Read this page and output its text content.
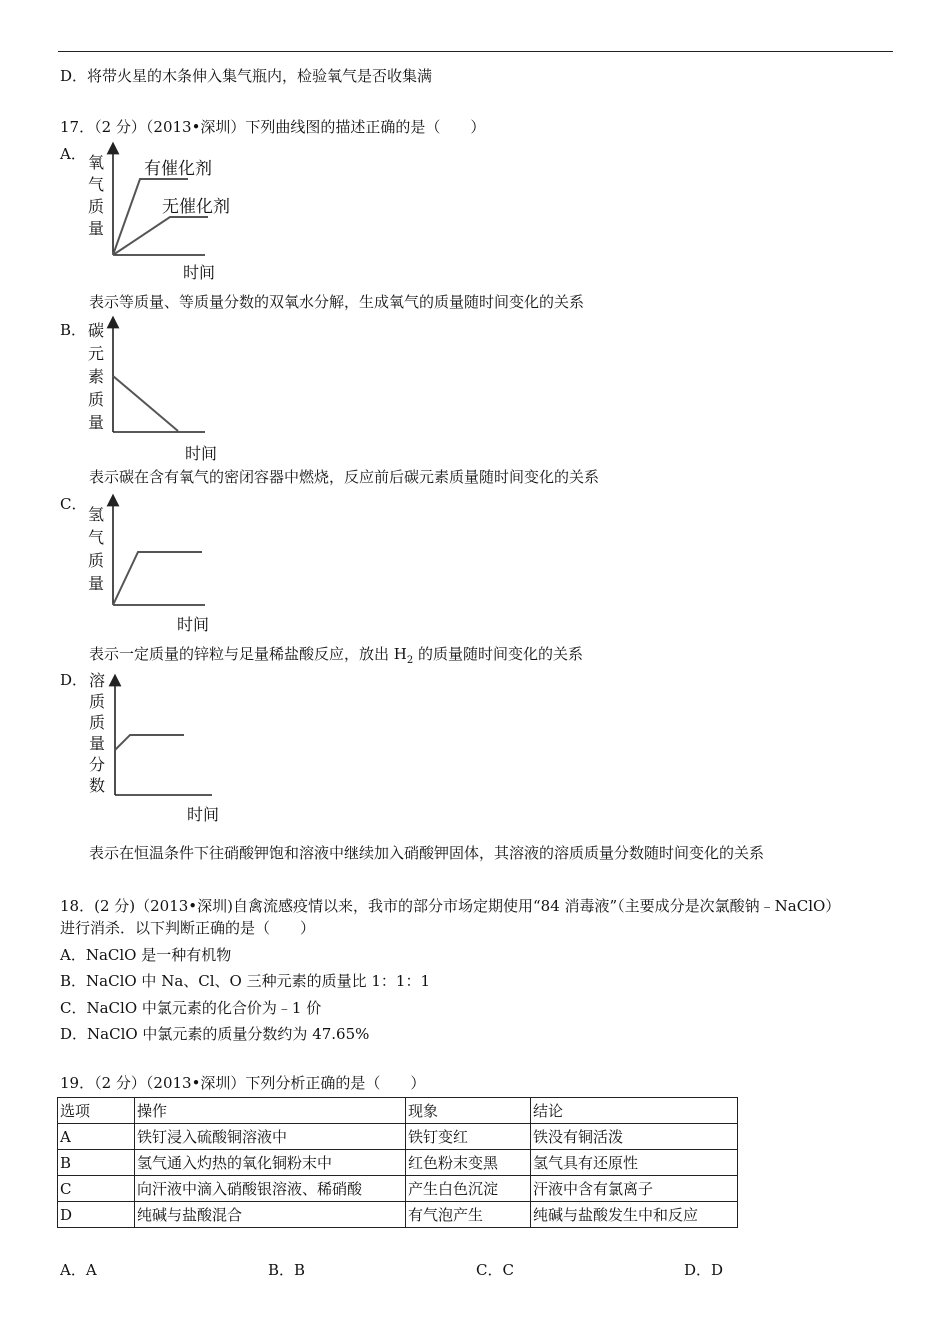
D．将带火星的木条伸入集气瓶内，检验氧气是否收集满
17．（2 分）（2013•深圳）下列曲线图的描述正确的是（　　）
A． 氧
气
质
量
时间
有催化剂
无催化剂
表示等质量、等质量分数的双氧水分解，生成氧气的质量随时间变化的关系
B． 碳
元
素
质
量
时间
表示碳在含有氧气的密闭容器中燃烧，反应前后碳元素质量随时间变化的关系
C．
氢
气
质
量
时间
表示一定质量的锌粒与足量稀盐酸反应，放出 $H_2$ 的质量随时间变化的关系
D． 溶
质
质
量
分
数
时间
表示在恒温条件下往硝酸钾饱和溶液中继续加入硝酸钾固体，其溶液的溶质质量分数随时间变化的关系
18．(2 分)（2013•深圳)自禽流感疫情以来，我市的部分市场定期使用“84 消毒液”（主要成分是次氯酸钠﹣NaClO）
进行消杀．以下判断正确的是（　　）
A．NaClO 是一种有机物
B．NaClO 中 Na、Cl、O 三种元素的质量比 1：1：1
C．NaClO 中氯元素的化合价为﹣1 价
D．NaClO 中氯元素的质量分数约为 47.65%
19．（2 分）（2013•深圳）下列分析正确的是（　　）
选项	操作	现象	结论
A	铁钉浸入硫酸铜溶液中	铁钉变红	铁没有铜活泼
B	氢气通入灼热的氧化铜粉末中	红色粉末变黑	氢气具有还原性
C	向汗液中滴入硝酸银溶液、稀硝酸	产生白色沉淀	汗液中含有氯离子
D	纯碱与盐酸混合	有气泡产生	纯碱与盐酸发生中和反应
A．A	B．B	C．C	D．D
